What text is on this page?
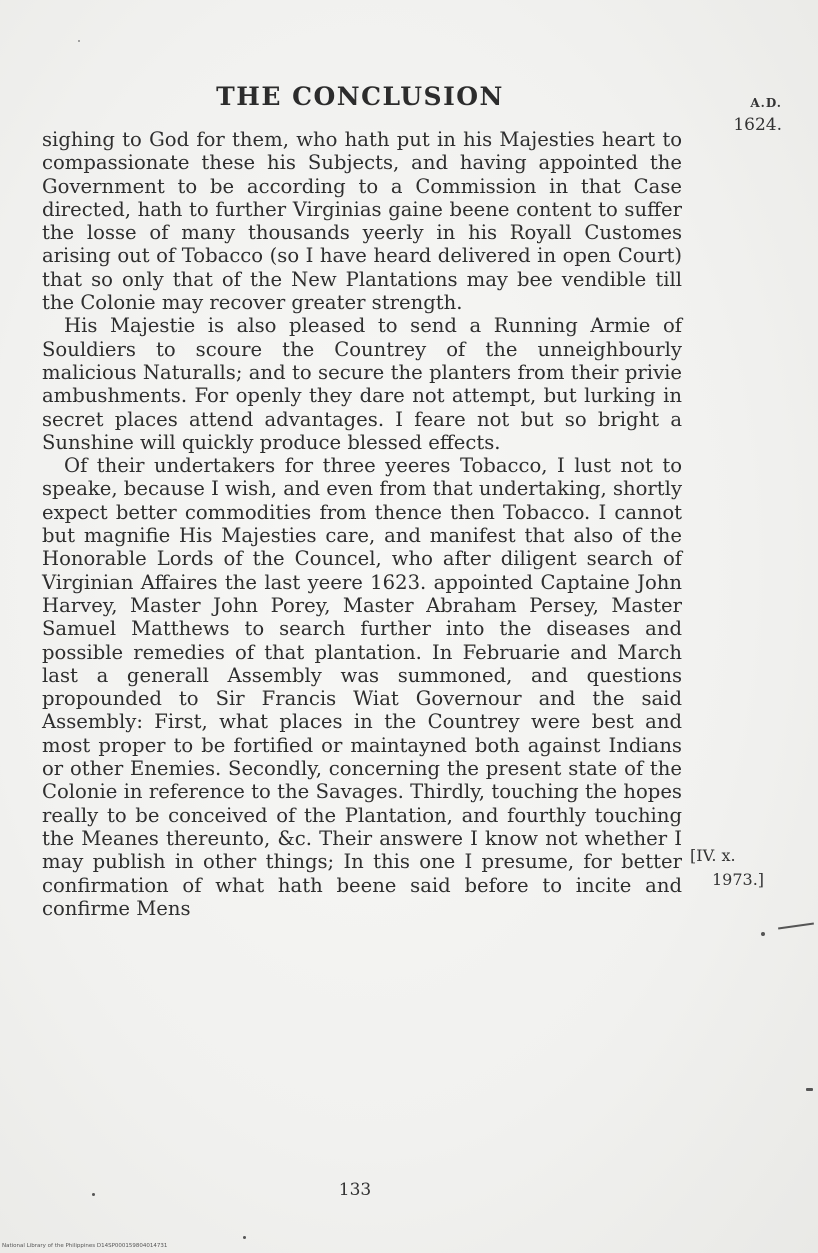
THE CONCLUSION	A.D.
1624.

sighing to God for them, who hath put in his Majesties heart to compassionate these his Subjects, and having appointed the Government to be according to a Commission in that Case directed, hath to further Virginias gaine beene content to suffer the losse of many thousands yeerly in his Royall Customes arising out of Tobacco (so I have heard delivered in open Court) that so only that of the New Plantations may bee vendible till the Colonie may recover greater strength.

His Majestie is also pleased to send a Running Armie of Souldiers to scoure the Countrey of the unneighbourly malicious Naturalls; and to secure the planters from their privie ambushments. For openly they dare not attempt, but lurking in secret places attend advantages. I feare not but so bright a Sunshine will quickly produce blessed effects.

Of their undertakers for three yeeres Tobacco, I lust not to speake, because I wish, and even from that undertaking, shortly expect better commodities from thence then Tobacco. I cannot but magnifie His Majesties care, and manifest that also of the Honorable Lords of the Councel, who after diligent search of Virginian Affaires the last yeere 1623. appointed Captaine John Harvey, Master John Porey, Master Abraham Persey, Master Samuel Matthews to search further into the diseases and possible remedies of that plantation. In Februarie and March last a generall Assembly was summoned, and questions propounded to Sir Francis Wiat Governour and the said Assembly: First, what places in the Countrey were best and most proper to be fortified or maintayned both against Indians or other Enemies. Secondly, concerning the present state of the Colonie in reference to the Savages. Thirdly, touching the hopes really to be conceived of the Plantation, and fourthly touching the Meanes thereunto, &c. Their answere I know not whether I may publish in other things; In this one I presume, for better confirmation of what hath beene said before to incite and confirme Mens

[IV. x.
1973.]
133
National Library of the Philippines D14SP000159804014731
